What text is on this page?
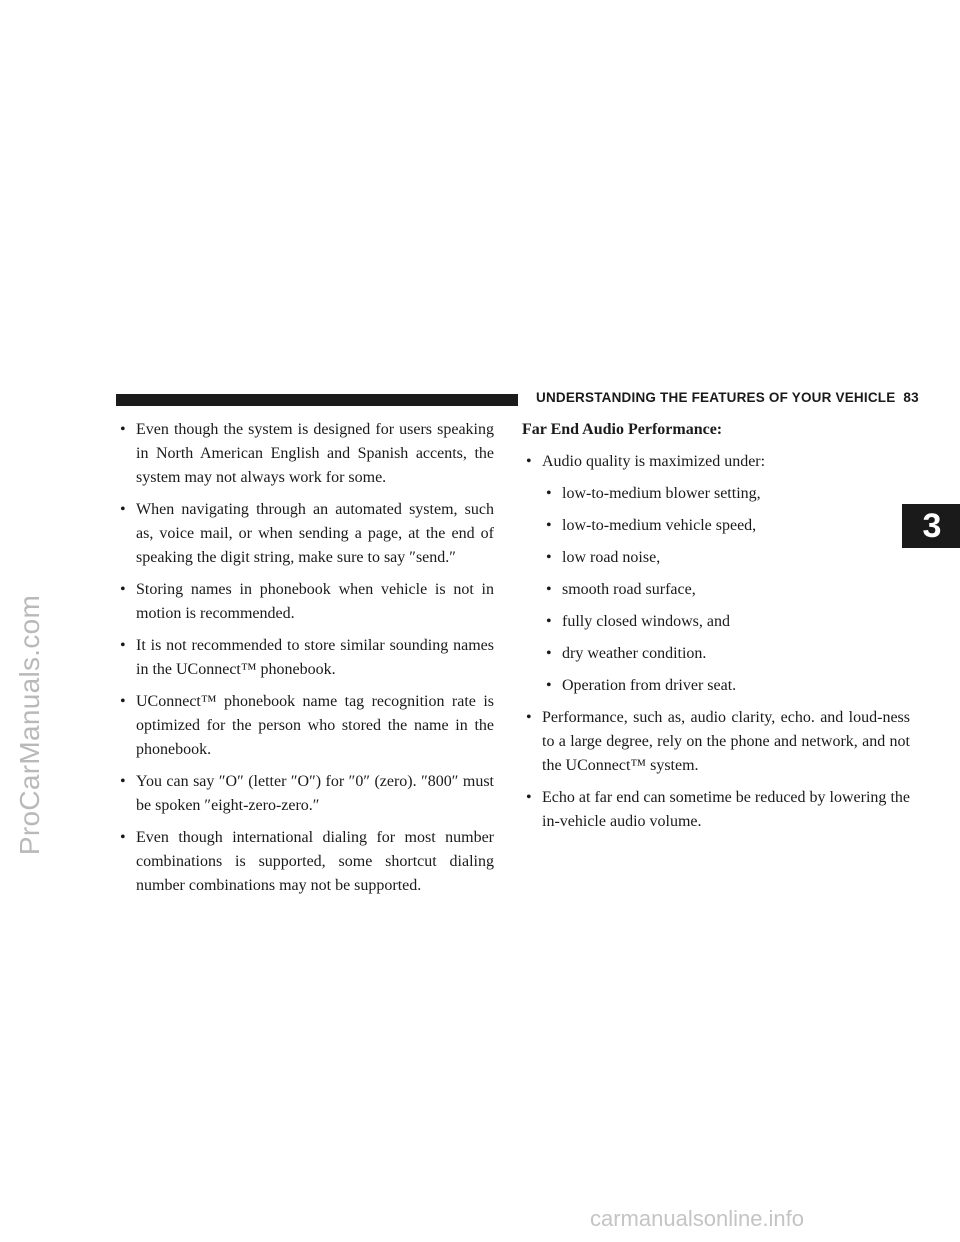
UNDERSTANDING THE FEATURES OF YOUR VEHICLE 83
3
ProCarManuals.com
• Even though the system is designed for users speaking in North American English and Spanish accents, the system may not always work for some.
• When navigating through an automated system, such as, voice mail, or when sending a page, at the end of speaking the digit string, make sure to say ″send.″
• Storing names in phonebook when vehicle is not in motion is recommended.
• It is not recommended to store similar sounding names in the UConnect™ phonebook.
• UConnect™ phonebook name tag recognition rate is optimized for the person who stored the name in the phonebook.
• You can say ″O″ (letter ″O″) for ″0″ (zero). ″800″ must be spoken ″eight-zero-zero.″
• Even though international dialing for most number combinations is supported, some shortcut dialing number combinations may not be supported.
Far End Audio Performance:
• Audio quality is maximized under:
• low-to-medium blower setting,
• low-to-medium vehicle speed,
• low road noise,
• smooth road surface,
• fully closed windows, and
• dry weather condition.
• Operation from driver seat.
• Performance, such as, audio clarity, echo. and loud-ness to a large degree, rely on the phone and network, and not the UConnect™ system.
• Echo at far end can sometime be reduced by lowering the in-vehicle audio volume.
carmanualsonline.info
